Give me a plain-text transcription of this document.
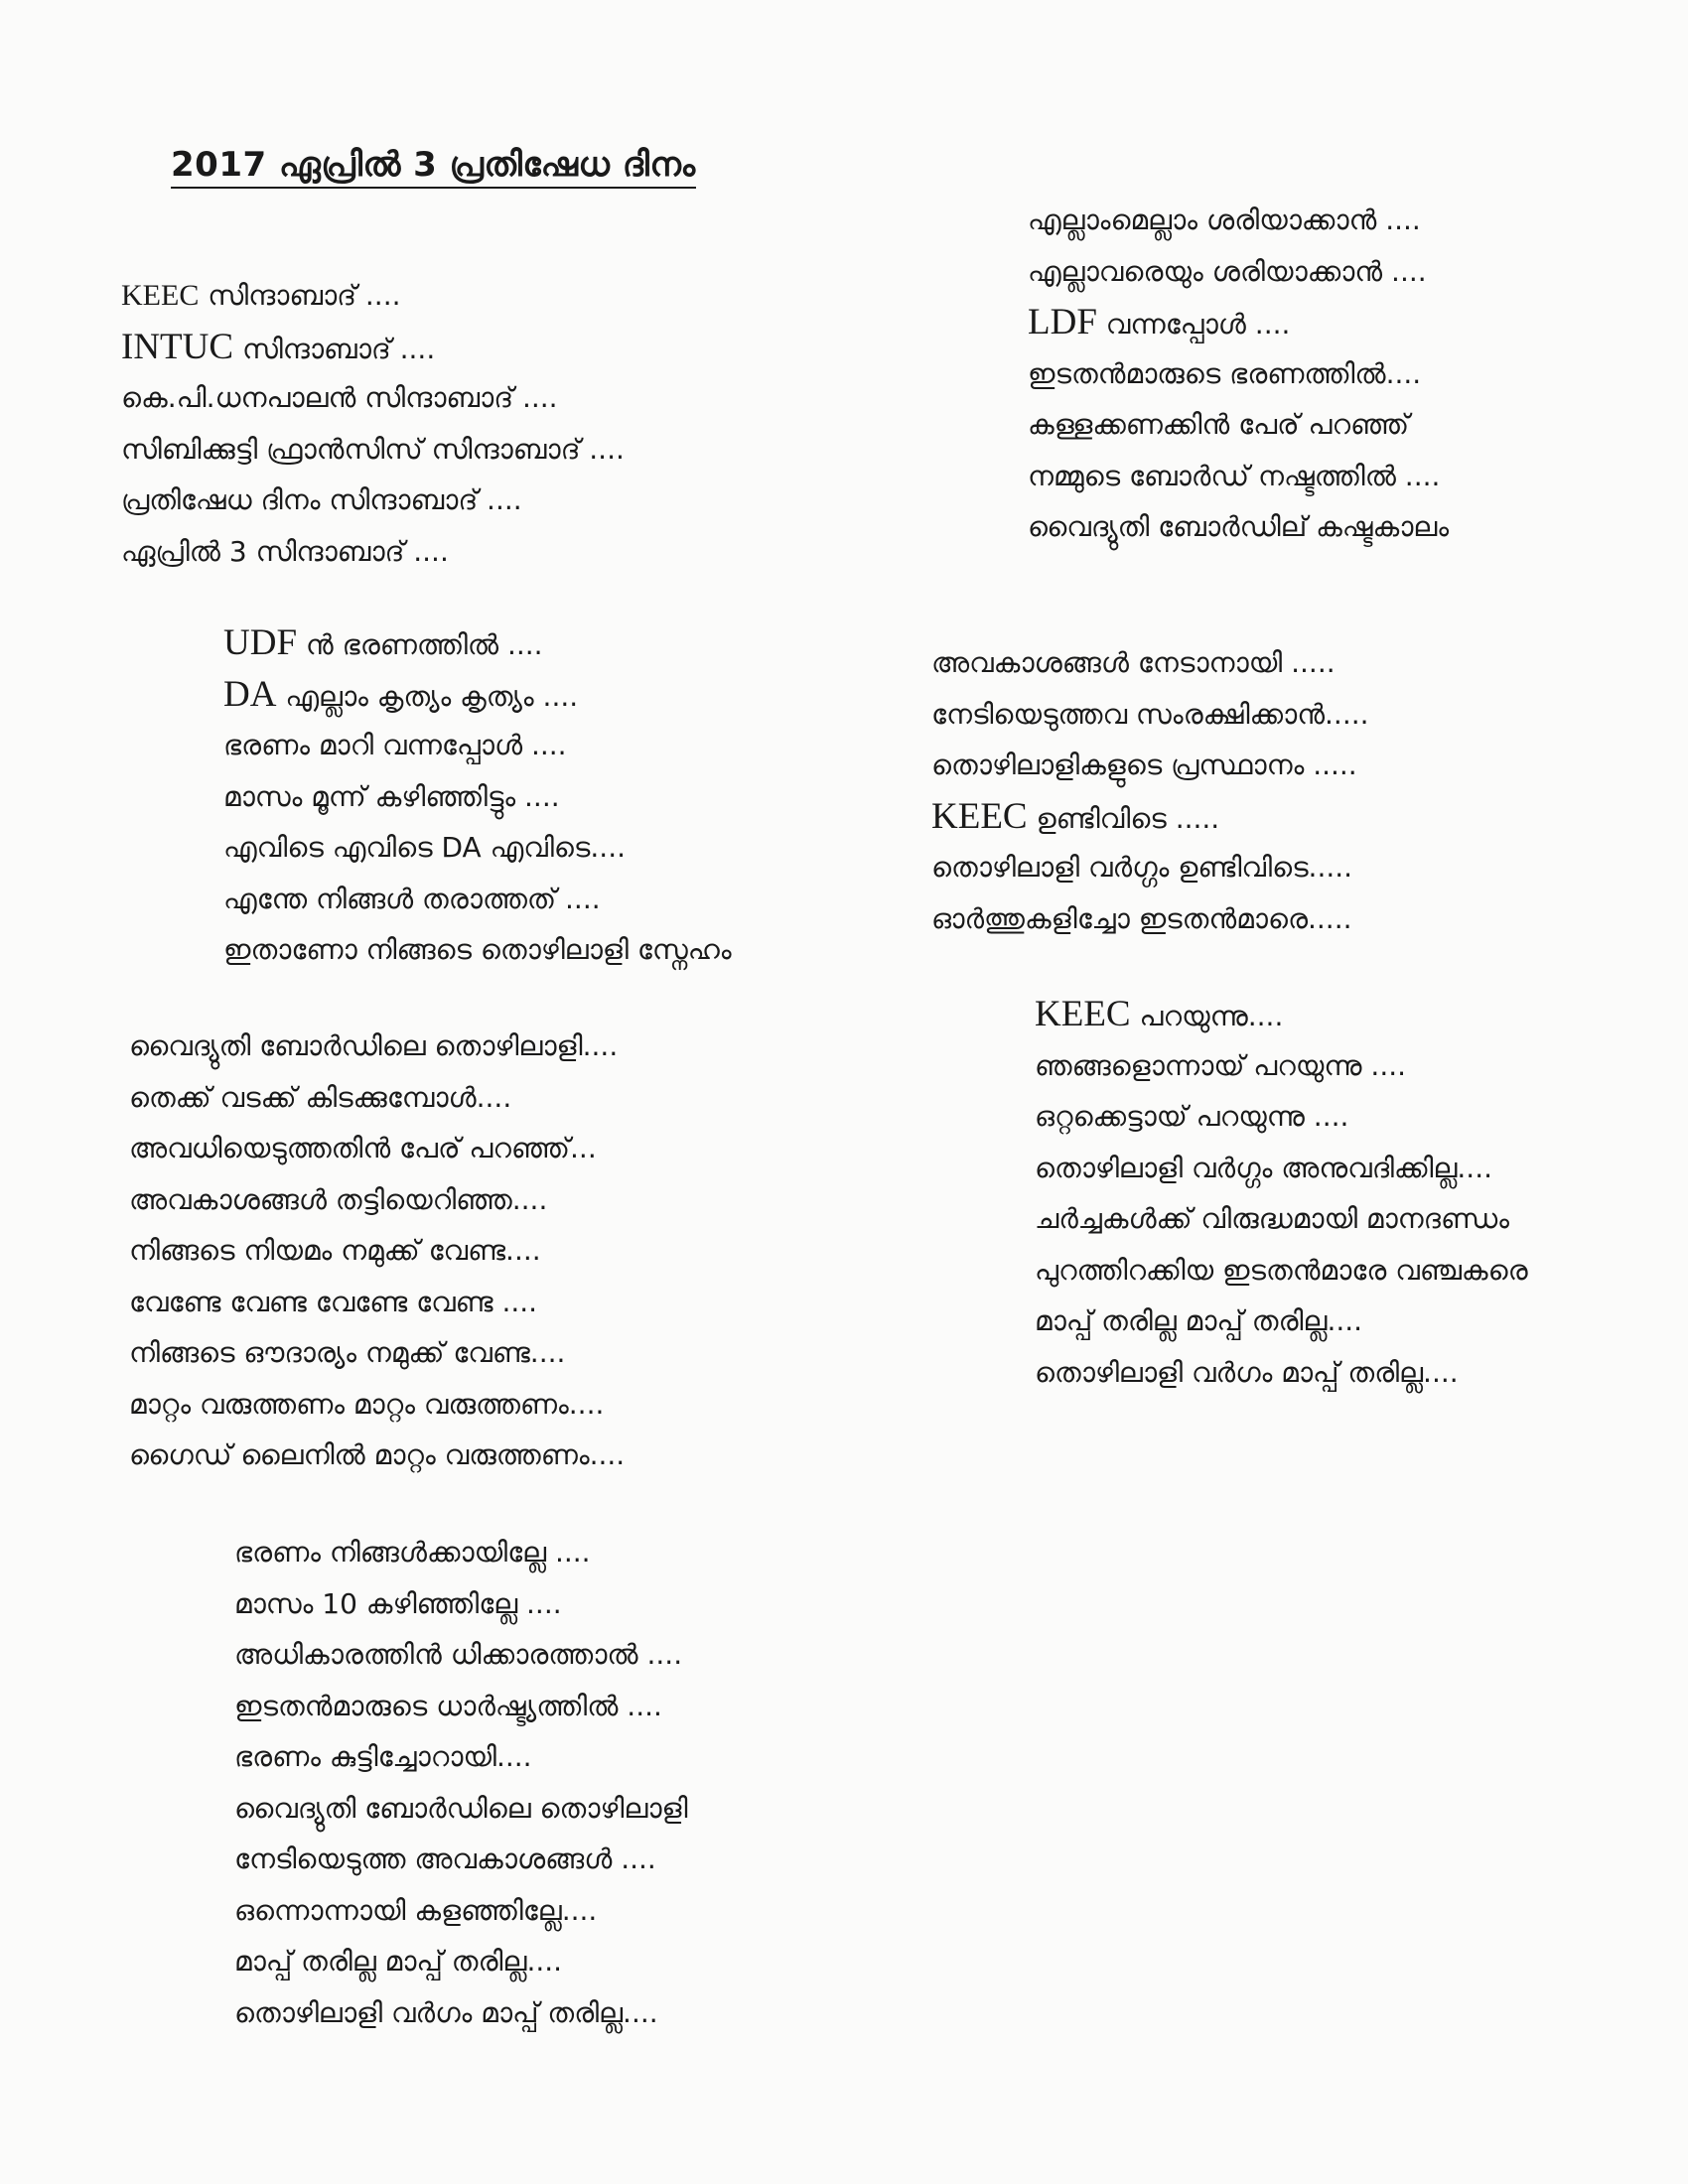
2017 ഏപ്രിൽ 3 പ്രതിഷേധ ദിനം
KEEC സിന്ദാബാദ് ....
INTUC സിന്ദാബാദ് ....
കെ.പി.ധനപാലൻ സിന്ദാബാദ് ....
സിബിക്കുട്ടി ഫ്രാൻസിസ് സിന്ദാബാദ് ....
പ്രതിഷേധ ദിനം സിന്ദാബാദ് ....
ഏപ്രിൽ 3 സിന്ദാബാദ് ....
UDF ൻ ഭരണത്തിൽ ....
DA എല്ലാം കൃത്യം കൃത്യം ....
ഭരണം മാറി വന്നപ്പോൾ ....
മാസം മൂന്ന് കഴിഞ്ഞിട്ടും ....
എവിടെ എവിടെ DA എവിടെ....
എന്തേ നിങ്ങൾ തരാത്തത് ....
ഇതാണോ നിങ്ങടെ തൊഴിലാളി സ്നേഹം
വൈദ്യുതി ബോർഡിലെ തൊഴിലാളി....
തെക്ക് വടക്ക് കിടക്കുമ്പോൾ....
അവധിയെടുത്തതിൻ പേര് പറഞ്ഞ്...
അവകാശങ്ങൾ തട്ടിയെറിഞ്ഞ....
നിങ്ങടെ നിയമം നമുക്ക് വേണ്ട....
വേണ്ടേ വേണ്ട വേണ്ടേ വേണ്ട ....
നിങ്ങടെ ഔദാര്യം നമുക്ക് വേണ്ട....
മാറ്റം വരുത്തണം മാറ്റം വരുത്തണം....
ഗൈഡ് ലൈനിൽ മാറ്റം വരുത്തണം....
ഭരണം നിങ്ങൾക്കായില്ലേ ....
മാസം 10 കഴിഞ്ഞില്ലേ ....
അധികാരത്തിൻ ധിക്കാരത്താൽ ....
ഇടതൻമാരുടെ ധാർഷ്ട്യത്തിൽ ....
ഭരണം കുട്ടിച്ചോറായി....
വൈദ്യുതി ബോർഡിലെ തൊഴിലാളി
നേടിയെടുത്ത അവകാശങ്ങൾ ....
ഒന്നൊന്നായി കളഞ്ഞില്ലേ....
മാപ്പ് തരില്ല മാപ്പ് തരില്ല....
തൊഴിലാളി വർഗം മാപ്പ് തരില്ല....
എല്ലാംമെല്ലാം ശരിയാക്കാൻ ....
എല്ലാവരെയും ശരിയാക്കാൻ ....
LDF വന്നപ്പോൾ ....
ഇടതൻമാരുടെ ഭരണത്തിൽ....
കള്ളക്കണക്കിൻ പേര് പറഞ്ഞ്
നമ്മുടെ ബോർഡ് നഷ്ടത്തിൽ ....
വൈദ്യുതി ബോർഡില് കഷ്ടകാലം
അവകാശങ്ങൾ നേടാനായി .....
നേടിയെടുത്തവ സംരക്ഷിക്കാൻ.....
തൊഴിലാളികളുടെ പ്രസ്ഥാനം .....
KEEC ഉണ്ടിവിടെ .....
തൊഴിലാളി വർഗ്ഗം ഉണ്ടിവിടെ.....
ഓർത്തുകളിച്ചോ ഇടതൻമാരെ.....
KEEC പറയുന്നു....
ഞങ്ങളൊന്നായ് പറയുന്നു ....
ഒറ്റക്കെട്ടായ് പറയുന്നു ....
തൊഴിലാളി വർഗ്ഗം അനുവദിക്കില്ല....
ചർച്ചകൾക്ക് വിരുദ്ധമായി മാനദണ്ഡം
പുറത്തിറക്കിയ ഇടതൻമാരേ വഞ്ചകരെ
മാപ്പ് തരില്ല മാപ്പ് തരില്ല....
തൊഴിലാളി വർഗം മാപ്പ് തരില്ല....
